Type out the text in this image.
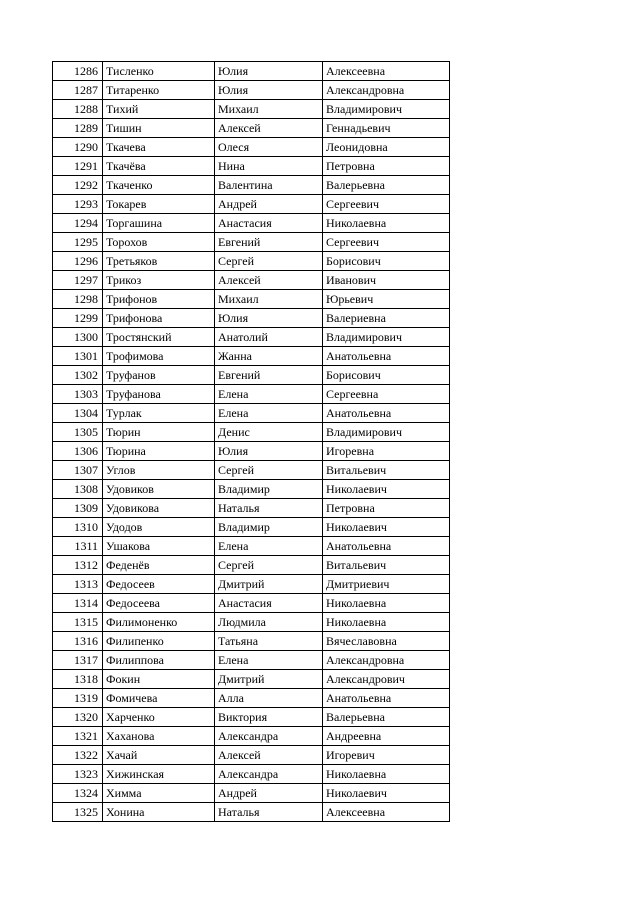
1286	Тисленко	Юлия	Алексеевна
1287	Титаренко	Юлия	Александровна
1288	Тихий	Михаил	Владимирович
1289	Тишин	Алексей	Геннадьевич
1290	Ткачева	Олеся	Леонидовна
1291	Ткачёва	Нина	Петровна
1292	Ткаченко	Валентина	Валерьевна
1293	Токарев	Андрей	Сергеевич
1294	Торгашина	Анастасия	Николаевна
1295	Торохов	Евгений	Сергеевич
1296	Третьяков	Сергей	Борисович
1297	Трикоз	Алексей	Иванович
1298	Трифонов	Михаил	Юрьевич
1299	Трифонова	Юлия	Валериевна
1300	Тростянский	Анатолий	Владимирович
1301	Трофимова	Жанна	Анатольевна
1302	Труфанов	Евгений	Борисович
1303	Труфанова	Елена	Сергеевна
1304	Турлак	Елена	Анатольевна
1305	Тюрин	Денис	Владимирович
1306	Тюрина	Юлия	Игоревна
1307	Углов	Сергей	Витальевич
1308	Удовиков	Владимир	Николаевич
1309	Удовикова	Наталья	Петровна
1310	Удодов	Владимир	Николаевич
1311	Ушакова	Елена	Анатольевна
1312	Феденёв	Сергей	Витальевич
1313	Федосеев	Дмитрий	Дмитриевич
1314	Федосеева	Анастасия	Николаевна
1315	Филимоненко	Людмила	Николаевна
1316	Филипенко	Татьяна	Вячеславовна
1317	Филиппова	Елена	Александровна
1318	Фокин	Дмитрий	Александрович
1319	Фомичева	Алла	Анатольевна
1320	Харченко	Виктория	Валерьевна
1321	Хаханова	Александра	Андреевна
1322	Хачай	Алексей	Игоревич
1323	Хижинская	Александра	Николаевна
1324	Химма	Андрей	Николаевич
1325	Хонина	Наталья	Алексеевна
